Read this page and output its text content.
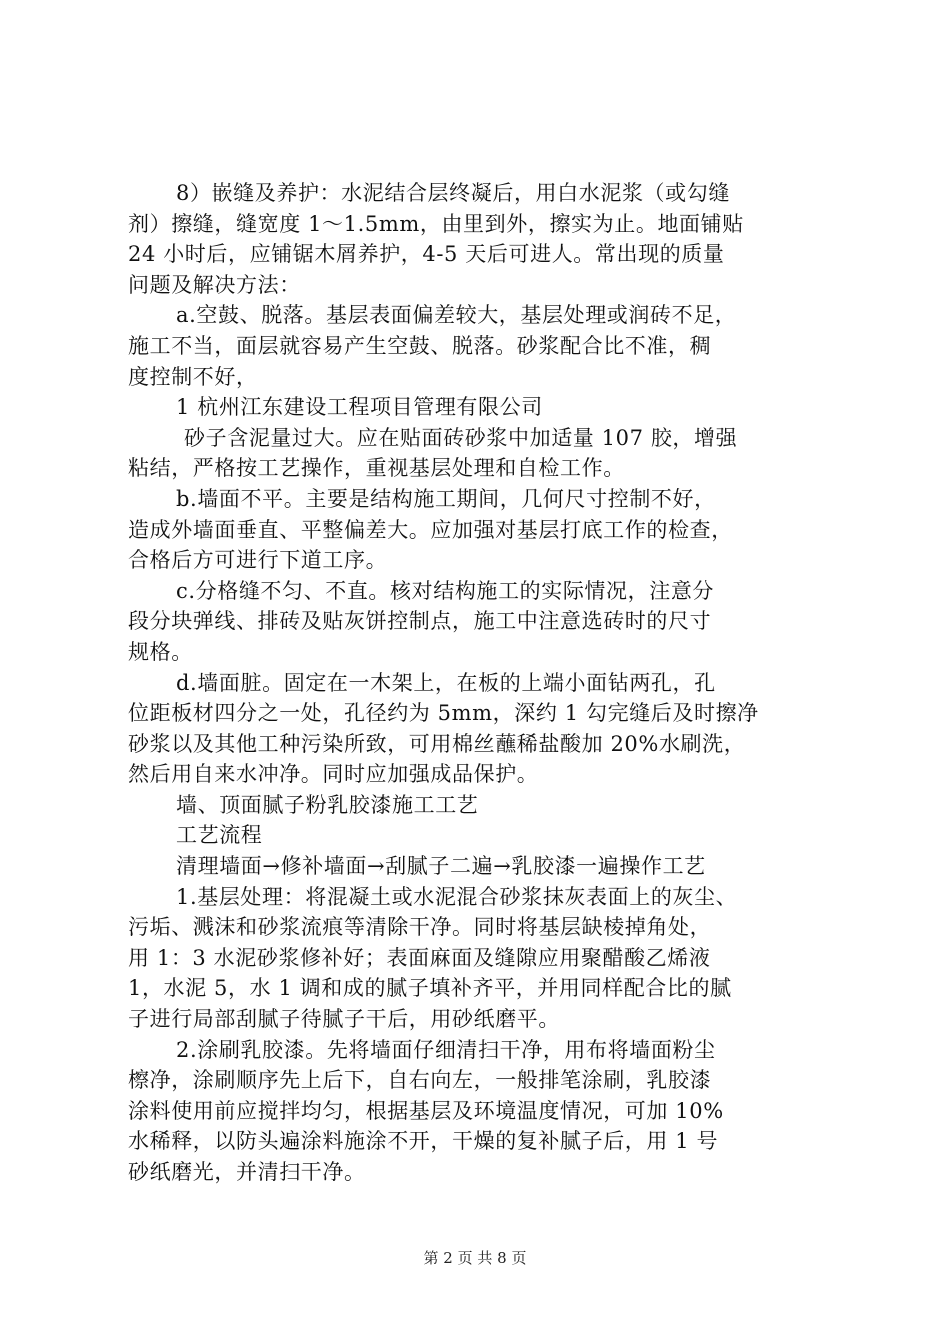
8）嵌缝及养护：水泥结合层终凝后，用白水泥浆（或勾缝
剂）擦缝，缝宽度 1～1.5mm，由里到外，擦实为止。地面铺贴
24 小时后，应铺锯木屑养护，4-5 天后可进人。常出现的质量
问题及解决方法：
a.空鼓、脱落。基层表面偏差较大，基层处理或润砖不足，
施工不当，面层就容易产生空鼓、脱落。砂浆配合比不准，稠
度控制不好，
1 杭州江东建设工程项目管理有限公司
砂子含泥量过大。应在贴面砖砂浆中加适量 107 胶，增强
粘结，严格按工艺操作，重视基层处理和自检工作。
b.墙面不平。主要是结构施工期间，几何尺寸控制不好，
造成外墙面垂直、平整偏差大。应加强对基层打底工作的检查，
合格后方可进行下道工序。
c.分格缝不匀、不直。核对结构施工的实际情况，注意分
段分块弹线、排砖及贴灰饼控制点，施工中注意选砖时的尺寸
规格。
d.墙面脏。固定在一木架上，在板的上端小面钻两孔，孔
位距板材四分之一处，孔径约为 5mm，深约 1 勾完缝后及时擦净
砂浆以及其他工种污染所致，可用棉丝蘸稀盐酸加 20%水刷洗，
然后用自来水冲净。同时应加强成品保护。
墙、顶面腻子粉乳胶漆施工工艺
工艺流程
清理墙面→修补墙面→刮腻子二遍→乳胶漆一遍操作工艺
1.基层处理：将混凝土或水泥混合砂浆抹灰表面上的灰尘、
污垢、溅沫和砂浆流痕等清除干净。同时将基层缺棱掉角处，
用 1：3 水泥砂浆修补好；表面麻面及缝隙应用聚醋酸乙烯液
1，水泥 5，水 1 调和成的腻子填补齐平，并用同样配合比的腻
子进行局部刮腻子待腻子干后，用砂纸磨平。
2.涂刷乳胶漆。先将墙面仔细清扫干净，用布将墙面粉尘
檫净，涂刷顺序先上后下，自右向左，一般排笔涂刷，乳胶漆
涂料使用前应搅拌均匀，根据基层及环境温度情况，可加 10%
水稀释，以防头遍涂料施涂不开，干燥的复补腻子后，用 1 号
砂纸磨光，并清扫干净。
第 2 页 共 8 页
